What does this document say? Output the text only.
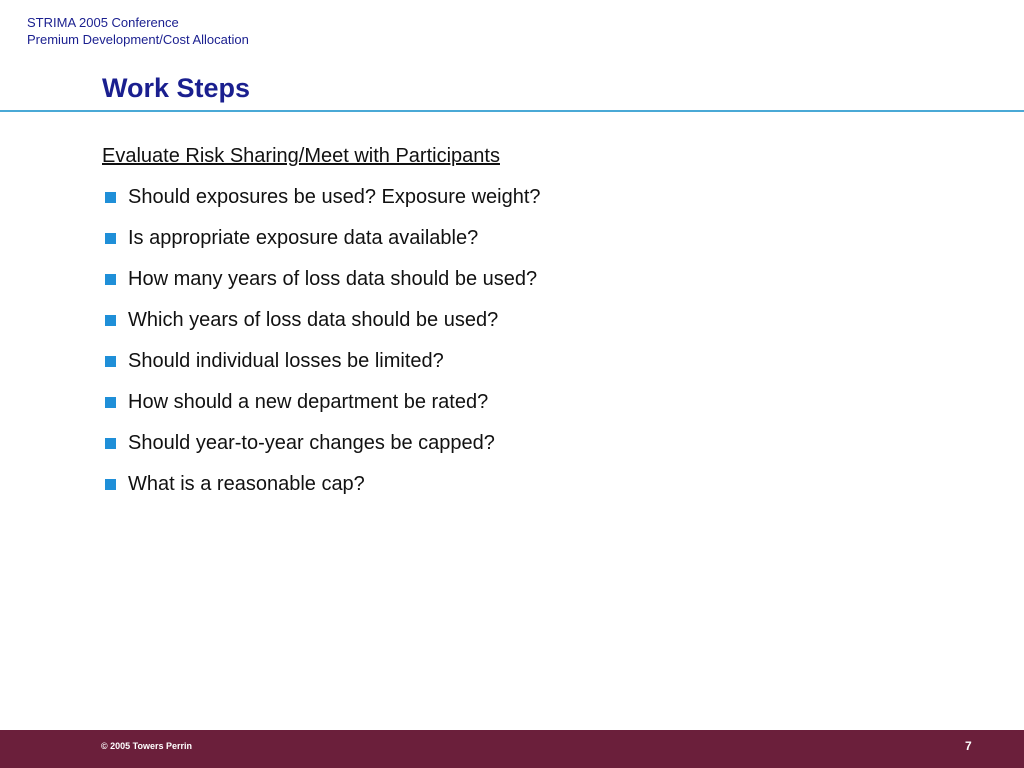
STRIMA 2005 Conference
Premium Development/Cost Allocation
Work Steps
Evaluate Risk Sharing/Meet with Participants
Should exposures be used? Exposure weight?
Is appropriate exposure data available?
How many years of loss data should be used?
Which years of loss data should be used?
Should individual losses be limited?
How should a new department be rated?
Should year-to-year changes be capped?
What is a reasonable cap?
© 2005 Towers Perrin	7
